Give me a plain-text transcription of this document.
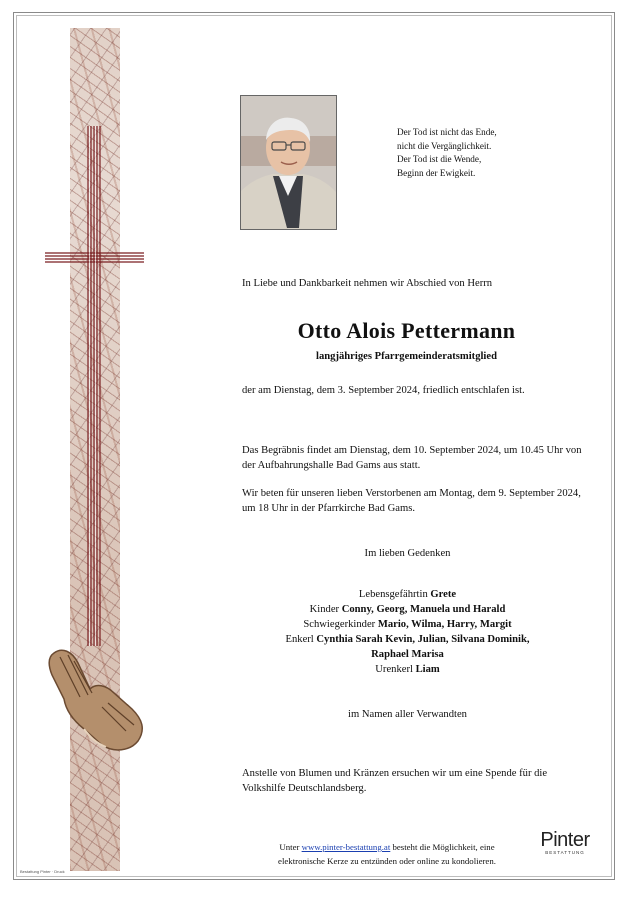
Bestattung Pinter · Druck
Der Tod ist nicht das Ende,
nicht die Vergänglichkeit.
Der Tod ist die Wende,
Beginn der Ewigkeit.
In Liebe und Dankbarkeit nehmen wir Abschied von Herrn
Otto Alois Pettermann
langjähriges Pfarrgemeinderatsmitglied
der am Dienstag, dem 3. September 2024, friedlich entschlafen ist.
Das Begräbnis findet am Dienstag, dem 10. September 2024, um 10.45 Uhr von der Aufbahrungshalle Bad Gams aus statt.
Wir beten für unseren lieben Verstorbenen am Montag, dem 9. September 2024, um 18 Uhr in der Pfarrkirche Bad Gams.
Im lieben Gedenken
Lebensgefährtin Grete
Kinder Conny, Georg, Manuela und Harald
Schwiegerkinder Mario, Wilma, Harry, Margit
Enkerl Cynthia Sarah Kevin, Julian, Silvana Dominik,
Raphael Marisa
Urenkerl Liam
im Namen aller Verwandten
Anstelle von Blumen und Kränzen ersuchen wir um eine Spende für die Volkshilfe Deutschlandsberg.
Unter www.pinter-bestattung.at besteht die Möglichkeit, eine
elektronische Kerze zu entzünden oder online zu kondolieren.
Pinter
BESTATTUNG
